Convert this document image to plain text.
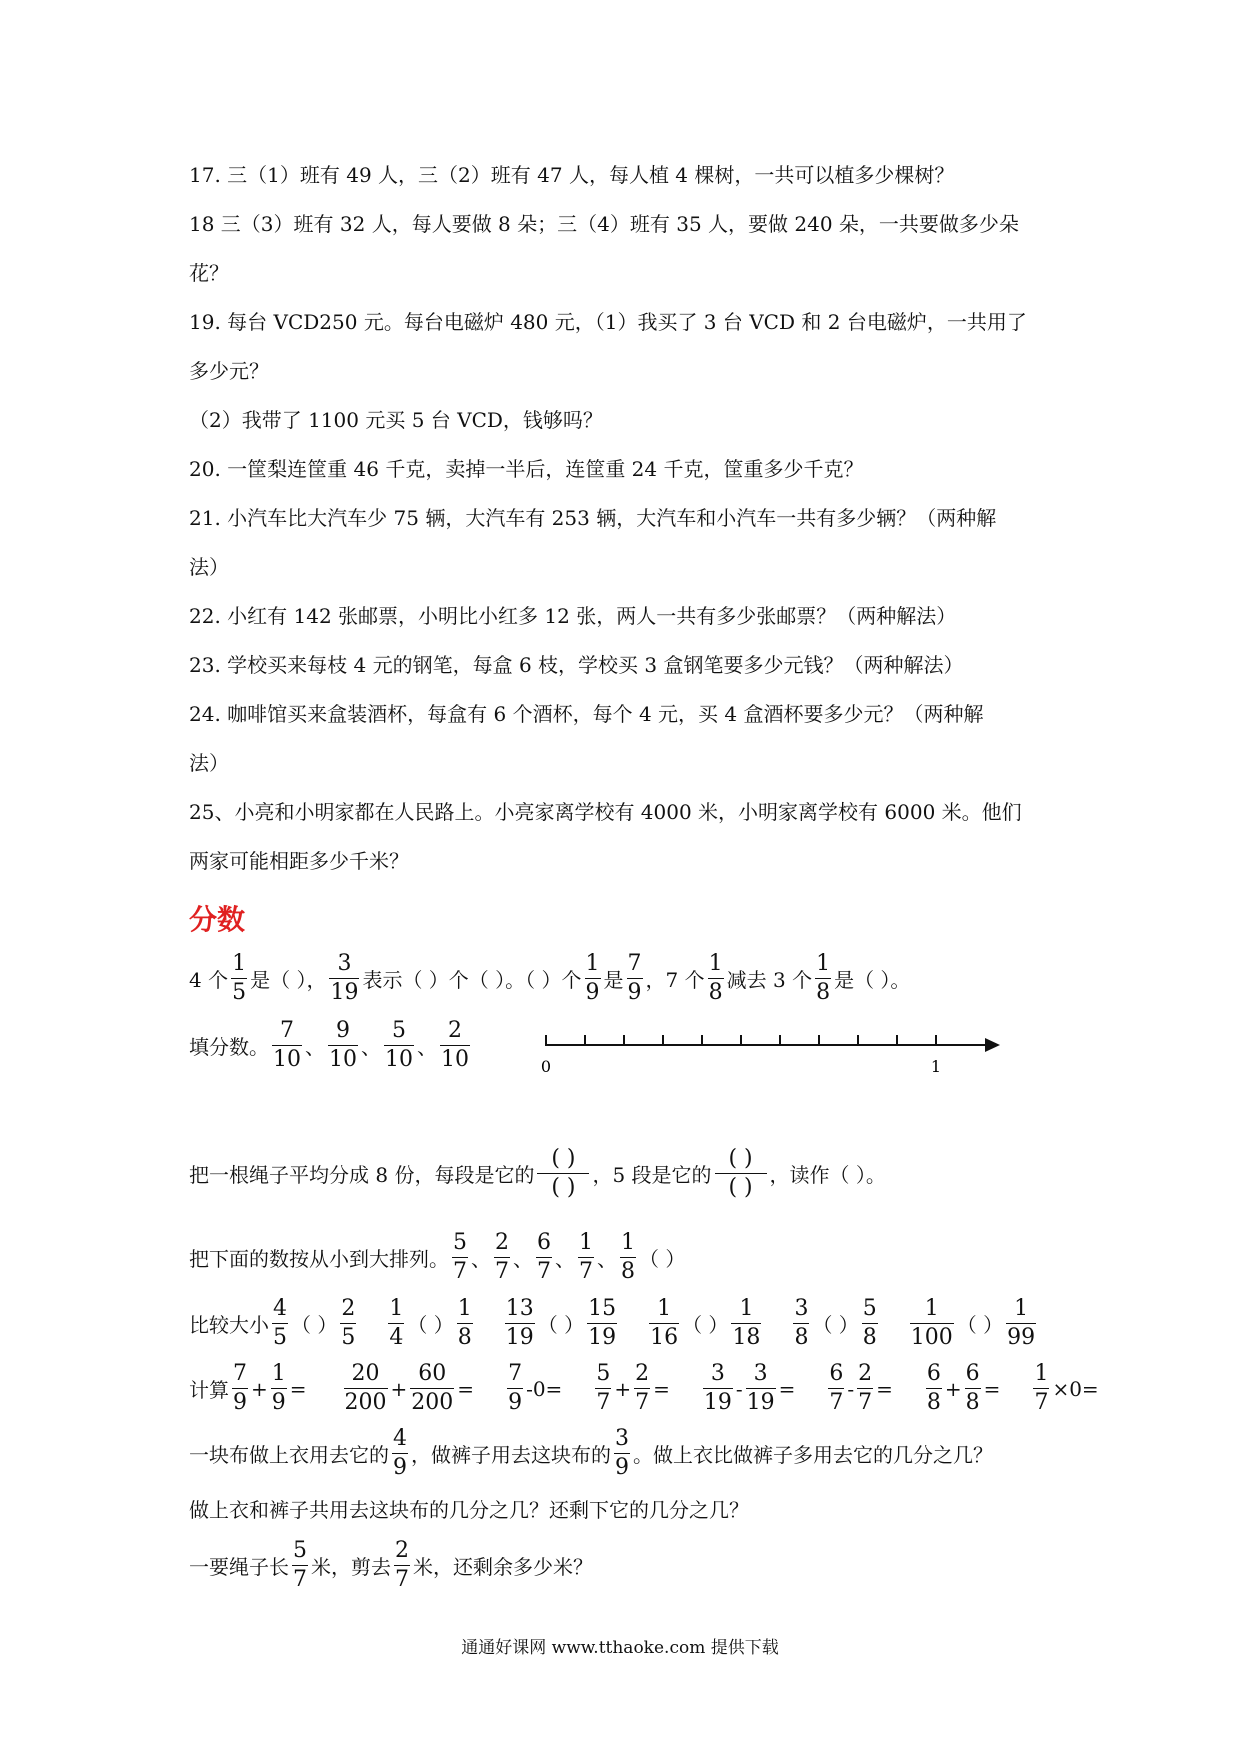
17. 三（1）班有 49 人，三（2）班有 47 人，每人植 4 棵树，一共可以植多少棵树？
18 三（3）班有 32 人，每人要做 8 朵；三（4）班有 35 人，要做 240 朵，一共要做多少朵
花？
19. 每台 VCD250 元。每台电磁炉 480 元，（1）我买了 3 台 VCD 和 2 台电磁炉，一共用了
多少元？
（2）我带了 1100 元买 5 台 VCD，钱够吗？
20. 一筐梨连筐重 46 千克，卖掉一半后，连筐重 24 千克，筐重多少千克？
21. 小汽车比大汽车少 75 辆，大汽车有 253 辆，大汽车和小汽车一共有多少辆？（两种解
法）
22. 小红有 142 张邮票，小明比小红多 12 张，两人一共有多少张邮票？（两种解法）
23. 学校买来每枝 4 元的钢笔，每盒 6 枝，学校买 3 盒钢笔要多少元钱？（两种解法）
24. 咖啡馆买来盒装酒杯，每盒有 6 个酒杯，每个 4 元，买 4 盒酒杯要多少元？（两种解
法）
25、小亮和小明家都在人民路上。小亮家离学校有 4000 米，小明家离学校有 6000 米。他们
两家可能相距多少千米？
分数
4 个 $\frac{1}{5}$ 是（ ）， $\frac{3}{19}$ 表示（ ）个（ ）。（ ）个 $\frac{1}{9}$ 是 $\frac{7}{9}$ ，7 个 $\frac{1}{8}$ 减去 3 个 $\frac{1}{8}$ 是（ ）。
填分数。 $\frac{7}{10}$ 、 $\frac{9}{10}$ 、 $\frac{5}{10}$ 、 $\frac{2}{10}$	0	1
把一根绳子平均分成 8 份，每段是它的 $\frac{( )}{( )}$ ，5 段是它的 $\frac{( )}{( )}$ ，读作（ ）。
把下面的数按从小到大排列。 $\frac{5}{7}$ 、 $\frac{2}{7}$ 、 $\frac{6}{7}$ 、 $\frac{1}{7}$ 、 $\frac{1}{8}$ （ ）
比较大小 $\frac{4}{5}$ （ ） $\frac{2}{5} \frac{1}{4}$ （ ） $\frac{1}{8} \frac{13}{19}$ （ ） $\frac{15}{19} \frac{1}{16}$ （ ） $\frac{1}{18} \frac{3}{8}$ （ ） $\frac{5}{8} \frac{1}{100}$ （ ） $\frac{1}{99}$
计算 $\frac{7}{9} + \frac{1}{9} = \frac{20}{200} + \frac{60}{200} = \frac{7}{9} -0= \frac{5}{7} + \frac{2}{7} = \frac{3}{19} - \frac{3}{19} = \frac{6}{7} - \frac{2}{7} = \frac{6}{8} + \frac{6}{8} = \frac{1}{7} \times 0=$
一块布做上衣用去它的 $\frac{4}{9}$ ，做裤子用去这块布的 $\frac{3}{9}$ 。做上衣比做裤子多用去它的几分之几？
做上衣和裤子共用去这块布的几分之几？还剩下它的几分之几？
一要绳子长 $\frac{5}{7}$ 米，剪去 $\frac{2}{7}$ 米，还剩余多少米？
通通好课网 www.tthaoke.com 提供下载
